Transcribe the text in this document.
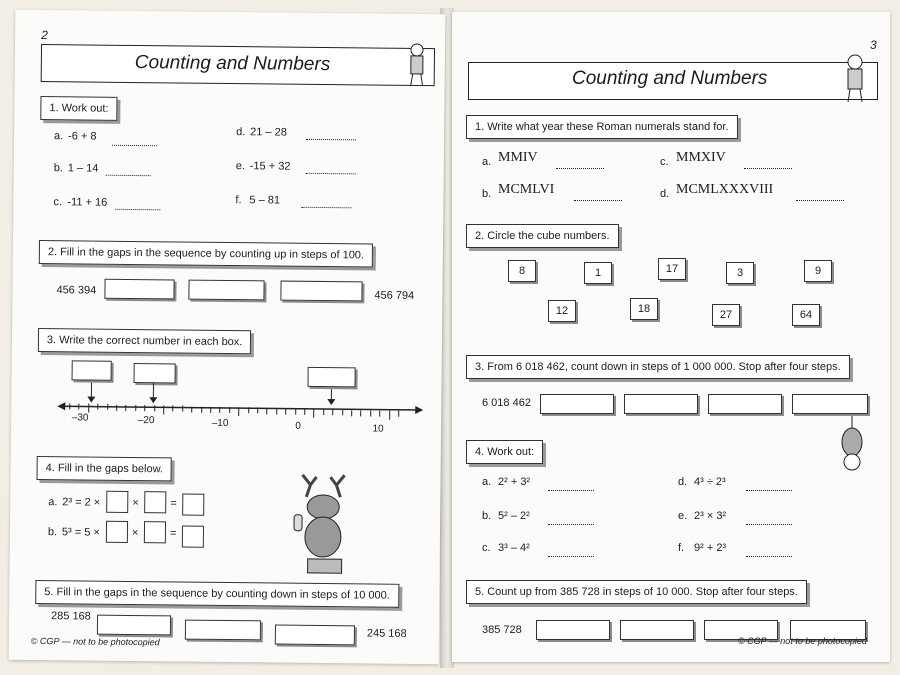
2
Counting and Numbers
1. Work out:
a. -6 + 8
b. 1 – 14
c. -11 + 16
d. 21 – 28
e. -15 + 32
f. 5 – 81
2. Fill in the gaps in the sequence by counting up in steps of 100.
456 394	456 794
3. Write the correct number in each box.
–30	–20	–10	0	10
4. Fill in the gaps below.
a. 2³ = 2 ×	×	=
b. 5³ = 5 ×	×	=
5. Fill in the gaps in the sequence by counting down in steps of 10 000.
285 168
245 168
© CGP — not to be photocopied
3
Counting and Numbers
1. Write what year these Roman numerals stand for.
a. MMIV
b. MCMLVI
c. MMXIV
d. MCMLXXXVIII
2. Circle the cube numbers.
8	1	17	3	9
12	18	27	64
3. From 6 018 462, count down in steps of 1 000 000. Stop after four steps.
6 018 462
4. Work out:
a. 2² + 3²
b. 5² – 2²
c. 3³ – 4²
d. 4³ ÷ 2³
e. 2³ × 3²
f. 9² + 2³
5. Count up from 385 728 in steps of 10 000. Stop after four steps.
385 728
© CGP — not to be photocopied
